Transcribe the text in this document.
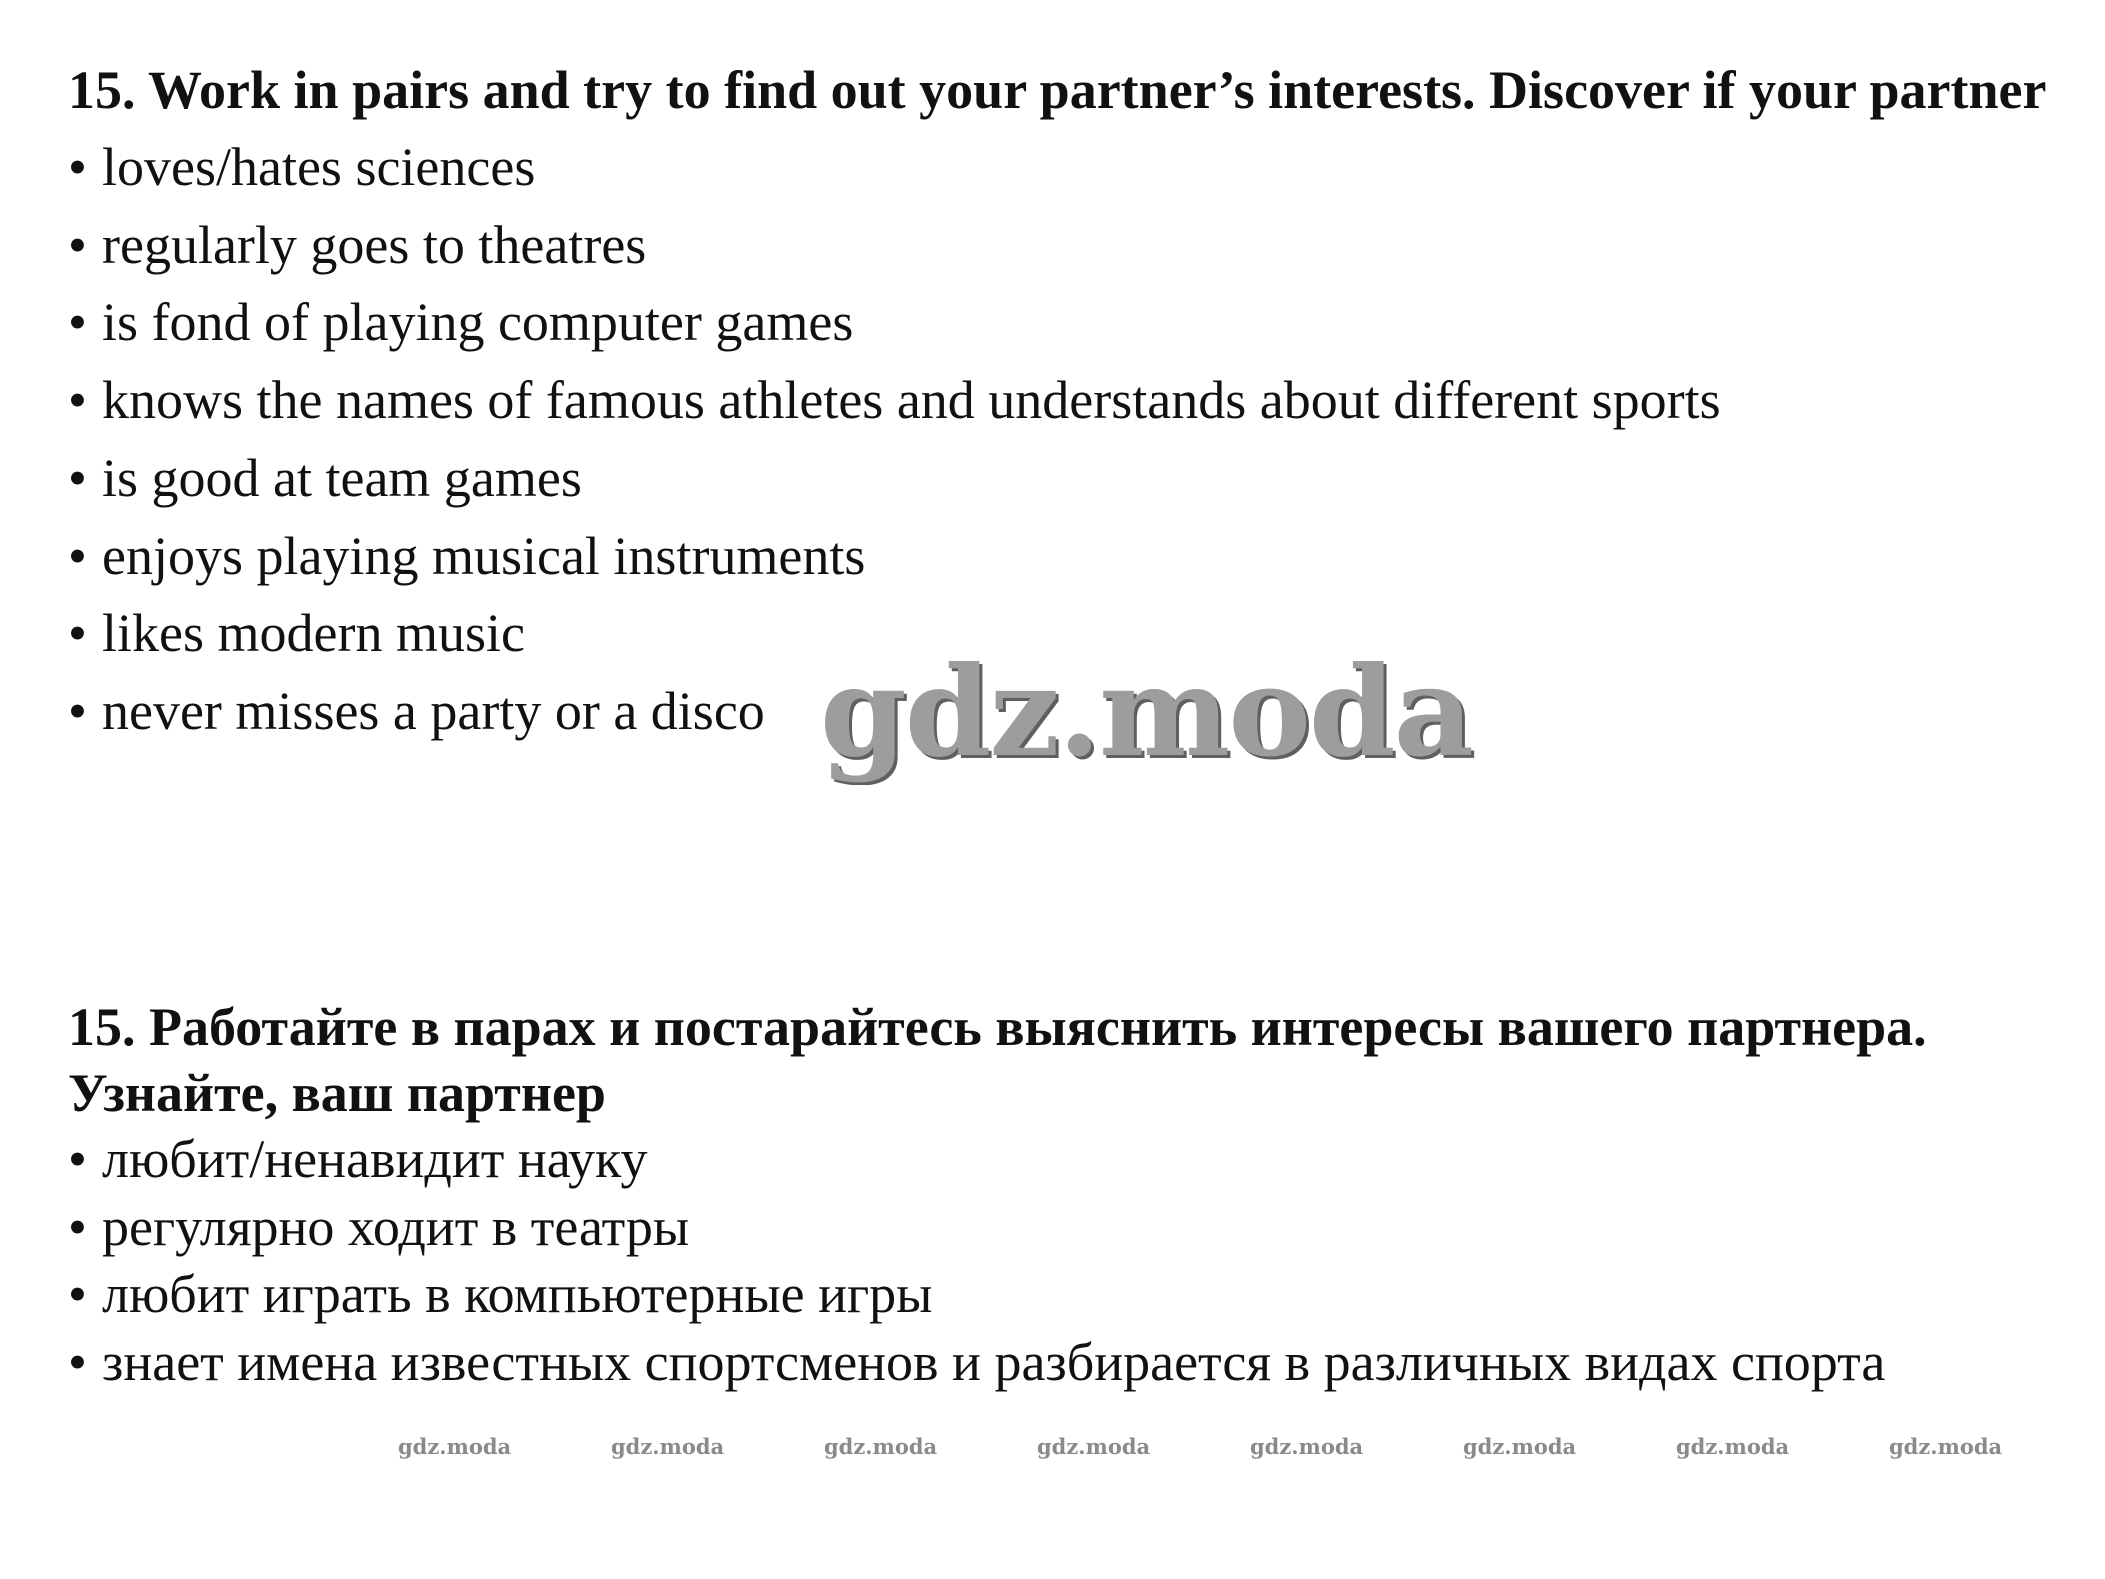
15. Work in pairs and try to find out your partner’s interests. Discover if your partner

• loves/hates sciences
• regularly goes to theatres
• is fond of playing computer games
• knows the names of famous athletes and understands about different sports
• is good at team games
• enjoys playing musical instruments
• likes modern music
• never misses a party or a disco gdz.moda

15. Работайте в парах и постарайтесь выяснить интересы вашего партнера. Узнайте, ваш партнер

• любит/ненавидит науку
• регулярно ходит в театры
• любит играть в компьютерные игры
• знает имена известных спортсменов и разбирается в различных видах спорта
gdz.moda	gdz.moda	gdz.moda	gdz.moda	gdz.moda	gdz.moda	gdz.moda	gdz.moda
